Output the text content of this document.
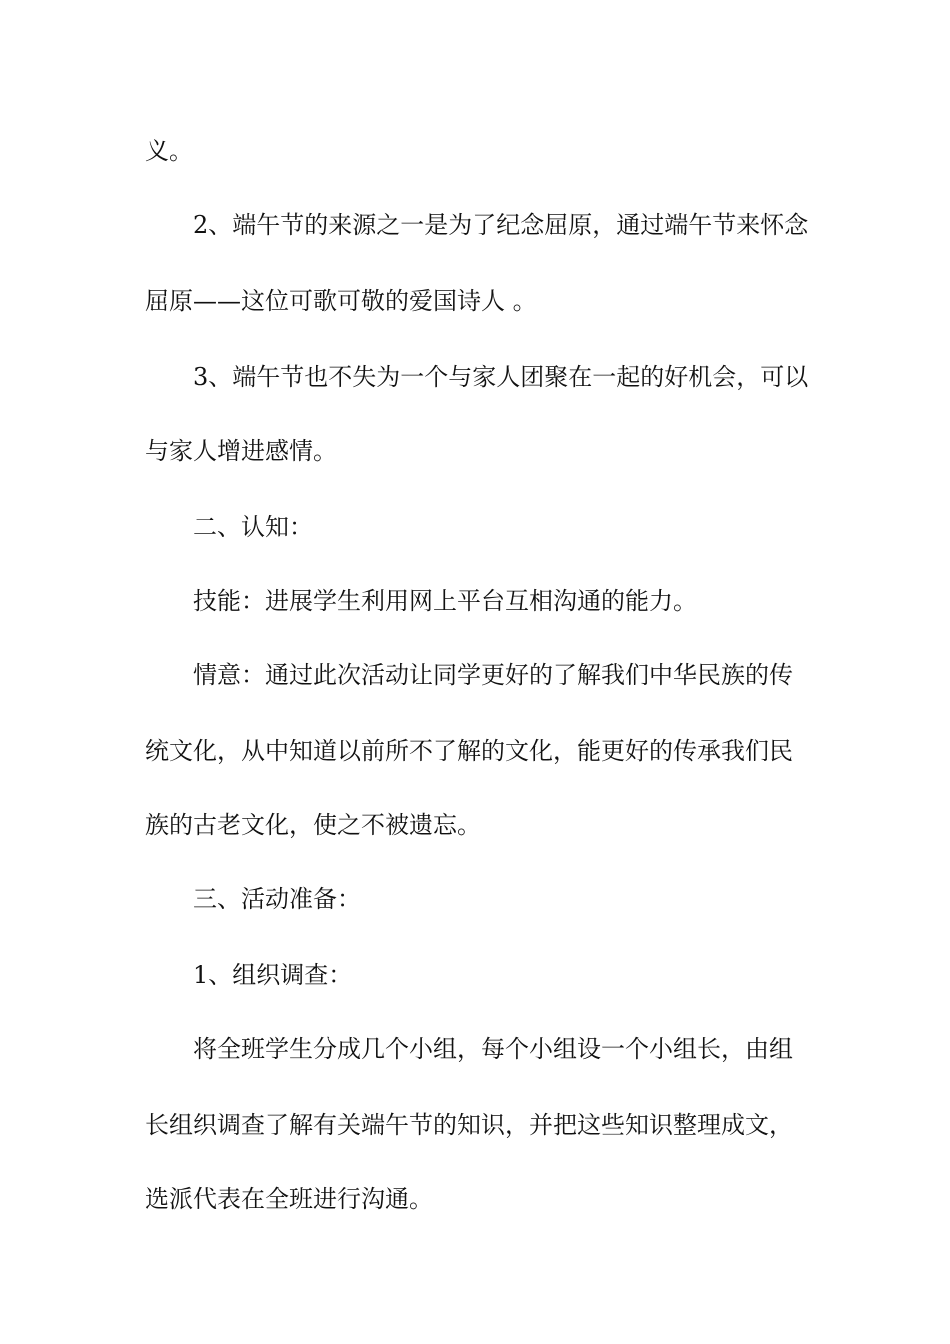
义。

2、端午节的来源之一是为了纪念屈原，通过端午节来怀念

屈原——这位可歌可敬的爱国诗人 。

3、端午节也不失为一个与家人团聚在一起的好机会，可以

与家人增进感情。

二、认知：

技能：进展学生利用网上平台互相沟通的能力。

情意：通过此次活动让同学更好的了解我们中华民族的传

统文化，从中知道以前所不了解的文化，能更好的传承我们民

族的古老文化，使之不被遗忘。

三、活动准备：

1、组织调查：

将全班学生分成几个小组，每个小组设一个小组长，由组

长组织调查了解有关端午节的知识，并把这些知识整理成文，

选派代表在全班进行沟通。
